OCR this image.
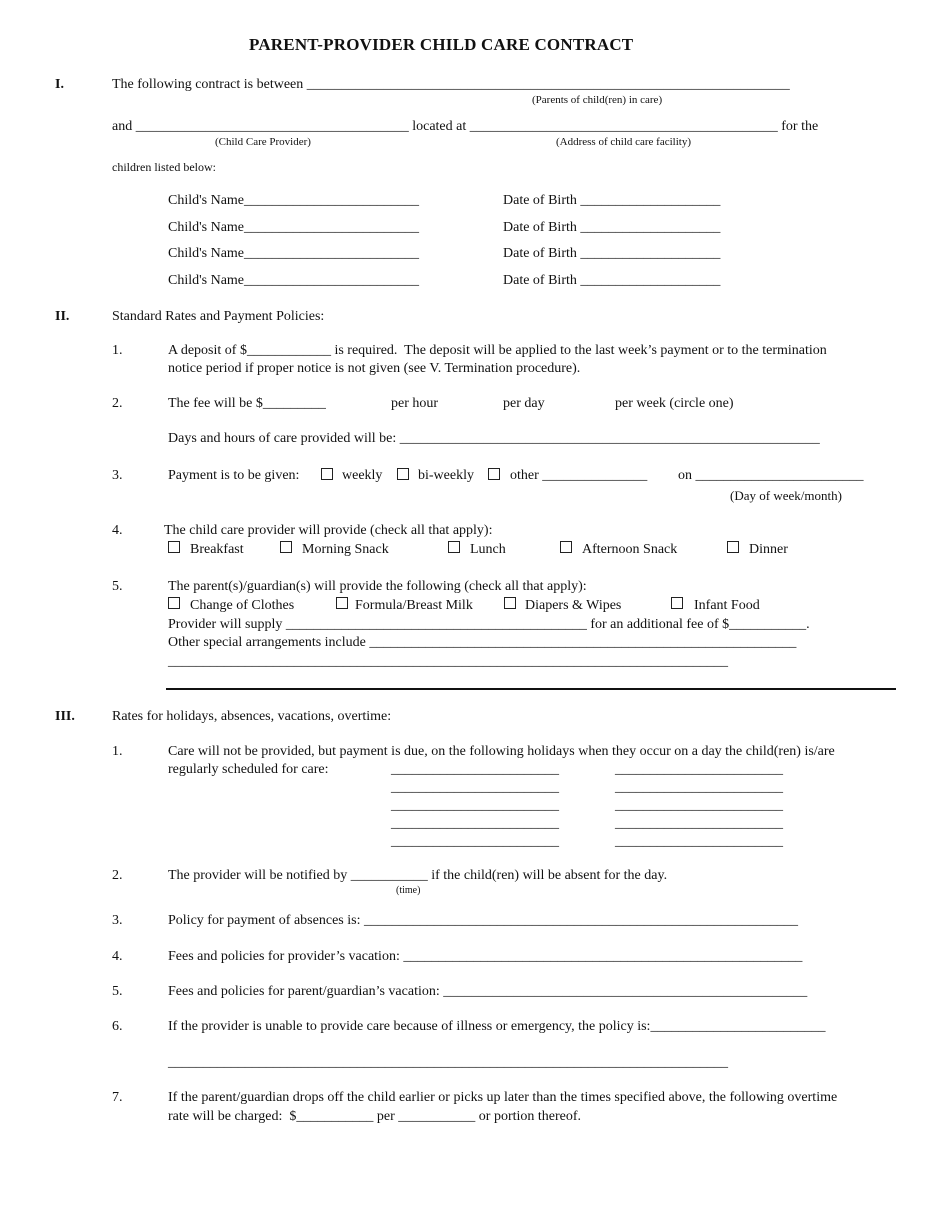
PARENT-PROVIDER CHILD CARE CONTRACT
I.	The following contract is between _____________________________________________________________________
(Parents of child(ren) in care)
and _______________________________________ located at ____________________________________________ for the
(Child Care Provider)	(Address of child care facility)
children listed below:
Child's Name_________________________	Date of Birth ____________________
Child's Name_________________________	Date of Birth ____________________
Child's Name_________________________	Date of Birth ____________________
Child's Name_________________________	Date of Birth ____________________
II.	Standard Rates and Payment Policies:
1.	A deposit of $____________ is required.  The deposit will be applied to the last week’s payment or to the termination
notice period if proper notice is not given (see V. Termination procedure).
2.	The fee will be $_________	per hour	per day	per week (circle one)
Days and hours of care provided will be: ____________________________________________________________
3.	Payment is to be given:	weekly	bi-weekly	other _______________ on ________________________
(Day of week/month)
4.	The child care provider will provide (check all that apply):
Breakfast	Morning Snack	Lunch	Afternoon Snack	Dinner
5.	The parent(s)/guardian(s) will provide the following (check all that apply):
Change of Clothes	Formula/Breast Milk	Diapers & Wipes	Infant Food
Provider will supply ___________________________________________ for an additional fee of $___________.
Other special arrangements include _____________________________________________________________
________________________________________________________________________________
III.	Rates for holidays, absences, vacations, overtime:
1.	Care will not be provided, but payment is due, on the following holidays when they occur on a day the child(ren) is/are
regularly scheduled for care:	________________________	________________________
________________________	________________________
________________________	________________________
________________________	________________________
________________________	________________________
2.	The provider will be notified by ___________ if the child(ren) will be absent for the day.
(time)
3.	Policy for payment of absences is: ______________________________________________________________
4.	Fees and policies for provider’s vacation: _________________________________________________________
5.	Fees and policies for parent/guardian’s vacation: ____________________________________________________
6.	If the provider is unable to provide care because of illness or emergency, the policy is:_________________________
________________________________________________________________________________
7.	If the parent/guardian drops off the child earlier or picks up later than the times specified above, the following overtime
rate will be charged:  $___________ per ___________ or portion thereof.
